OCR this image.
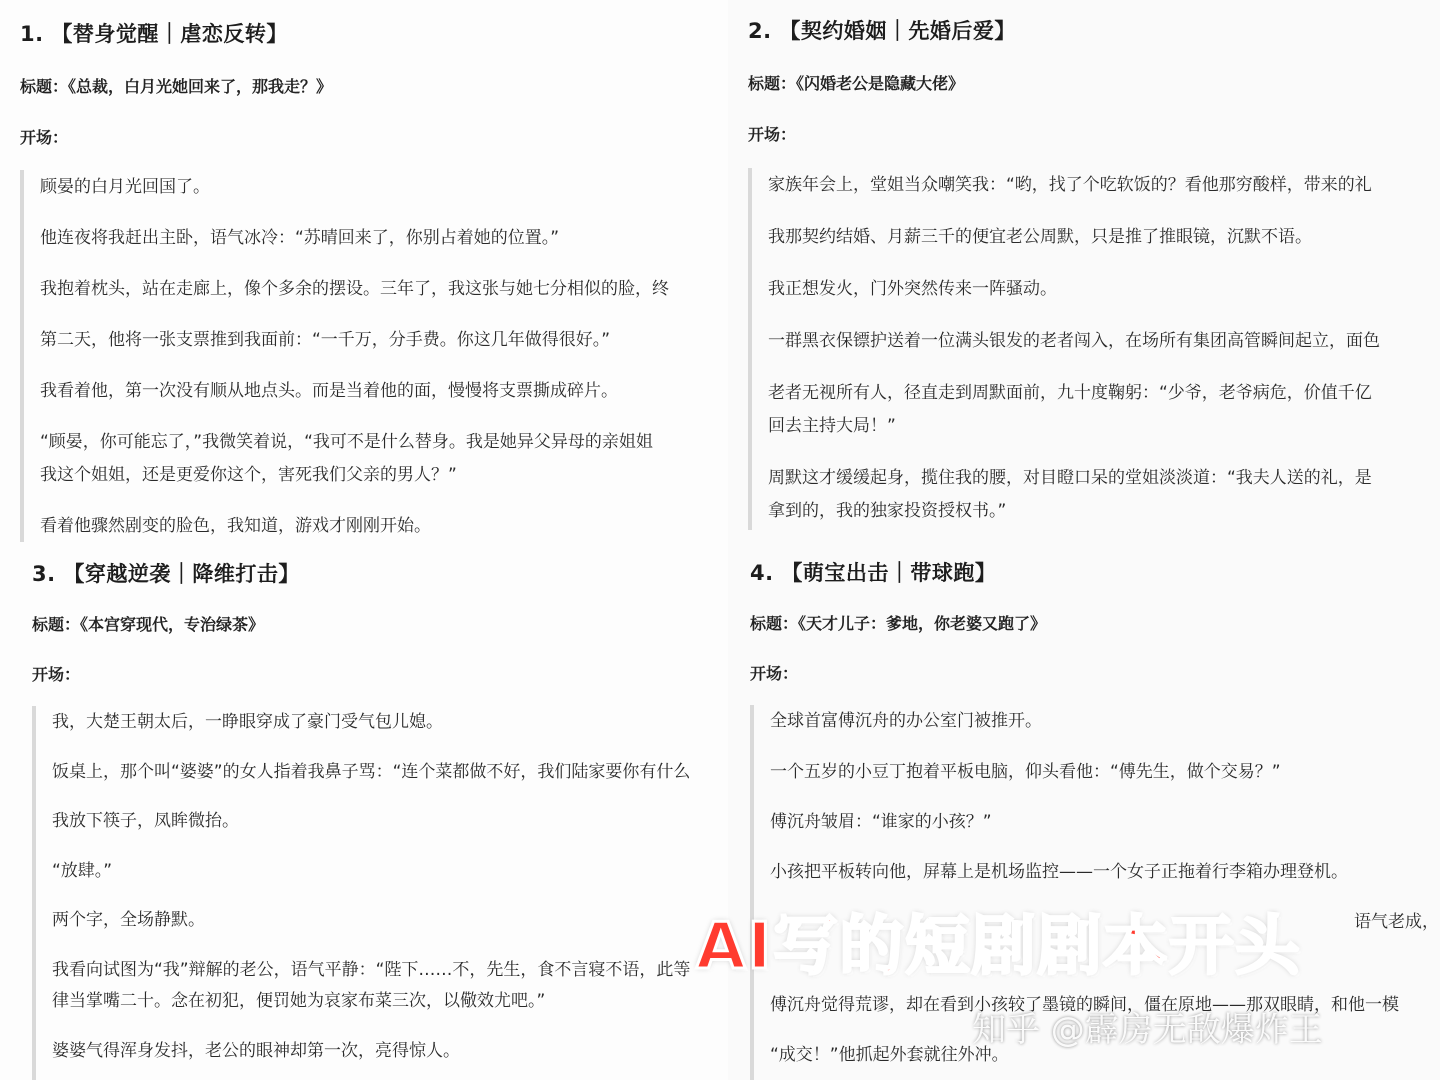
1. 【替身觉醒｜虐恋反转】
标题：《总裁，白月光她回来了，那我走？》
开场：
顾晏的白月光回国了。
他连夜将我赶出主卧，语气冰冷：“苏晴回来了，你别占着她的位置。”
我抱着枕头，站在走廊上，像个多余的摆设。三年了，我这张与她七分相似的脸，终
第二天，他将一张支票推到我面前：“一千万，分手费。你这几年做得很好。”
我看着他，第一次没有顺从地点头。而是当着他的面，慢慢将支票撕成碎片。
“顾晏，你可能忘了，”我微笑着说，“我可不是什么替身。我是她异父异母的亲姐姐
我这个姐姐，还是更爱你这个，害死我们父亲的男人？”
看着他骤然剧变的脸色，我知道，游戏才刚刚开始。
2. 【契约婚姻｜先婚后爱】
标题：《闪婚老公是隐藏大佬》
开场：
家族年会上，堂姐当众嘲笑我：“哟，找了个吃软饭的？看他那穷酸样，带来的礼
我那契约结婚、月薪三千的便宜老公周默，只是推了推眼镜，沉默不语。
我正想发火，门外突然传来一阵骚动。
一群黑衣保镖护送着一位满头银发的老者闯入，在场所有集团高管瞬间起立，面色
老者无视所有人，径直走到周默面前，九十度鞠躬：“少爷，老爷病危，价值千亿
回去主持大局！”
周默这才缓缓起身，揽住我的腰，对目瞪口呆的堂姐淡淡道：“我夫人送的礼，是
拿到的，我的独家投资授权书。”
3. 【穿越逆袭｜降维打击】
标题：《本宫穿现代，专治绿茶》
开场：
我，大楚王朝太后，一睁眼穿成了豪门受气包儿媳。
饭桌上，那个叫“婆婆”的女人指着我鼻子骂：“连个菜都做不好，我们陆家要你有什么
我放下筷子，凤眸微抬。
“放肆。”
两个字，全场静默。
我看向试图为“我”辩解的老公，语气平静：“陛下……不，先生，食不言寝不语，此等
律当掌嘴二十。念在初犯，便罚她为哀家布菜三次，以儆效尤吧。”
婆婆气得浑身发抖，老公的眼神却第一次，亮得惊人。
4. 【萌宝出击｜带球跑】
标题：《天才儿子：爹地，你老婆又跑了》
开场：
全球首富傅沉舟的办公室门被推开。
一个五岁的小豆丁抱着平板电脑，仰头看他：“傅先生，做个交易？”
傅沉舟皱眉：“谁家的小孩？”
小孩把平板转向他，屏幕上是机场监控——一个女子正拖着行李箱办理登机。
语气老成，
傅沉舟觉得荒谬，却在看到小孩较了墨镜的瞬间，僵在原地——那双眼睛，和他一模
“成交！”他抓起外套就往外冲。
AI写的短剧剧本开头
知乎 @霹房无敌爆炸王
